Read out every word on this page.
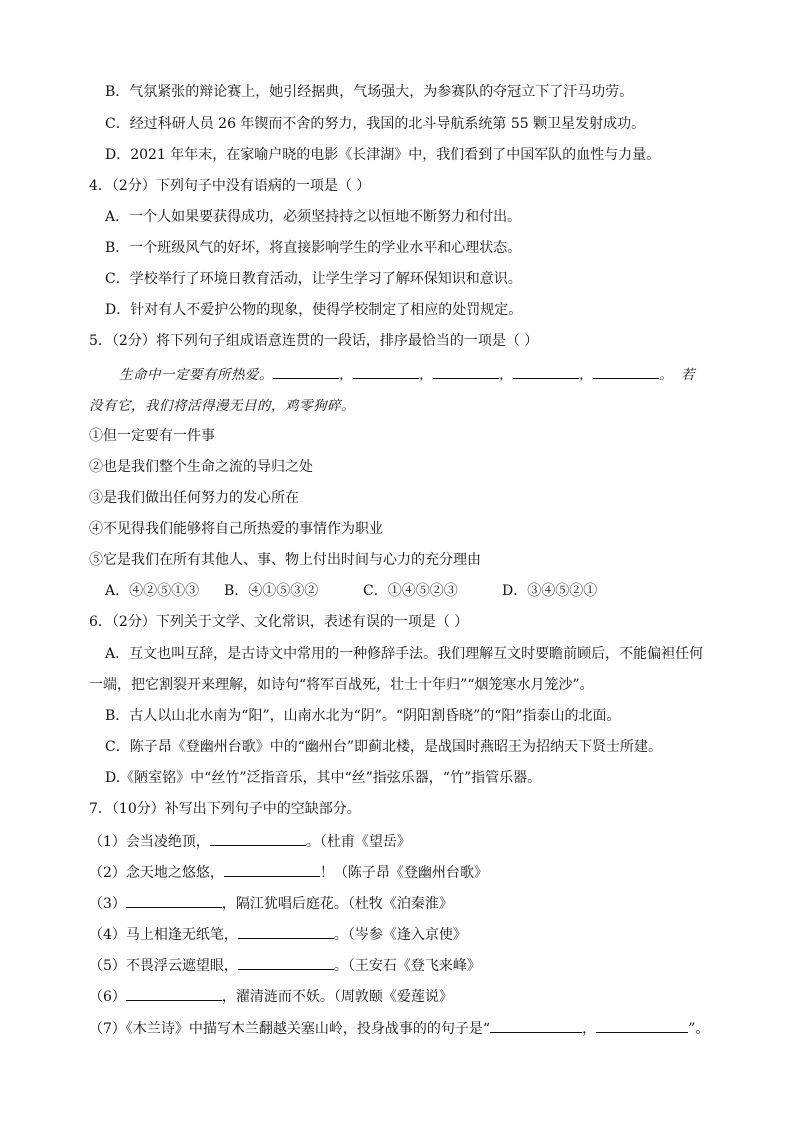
B．气氛紧张的辩论赛上，她引经据典，气场强大，为参赛队的夺冠立下了汗马功劳。
C．经过科研人员 26 年锲而不舍的努力，我国的北斗导航系统第 55 颗卫星发射成功。
D．2021 年年末，在家喻户晓的电影《长津湖》中，我们看到了中国军队的血性与力量。
4．（2分）下列句子中没有语病的一项是（ ）
A．一个人如果要获得成功，必须坚持持之以恒地不断努力和付出。
B．一个班级风气的好坏，将直接影响学生的学业水平和心理状态。
C．学校举行了环境日教育活动，让学生学习了解环保知识和意识。
D．针对有人不爱护公物的现象，使得学校制定了相应的处罚规定。
5．（2分）将下列句子组成语意连贯的一段话，排序最恰当的一项是（ ）
生命中一定要有所热爱。	，	，	，	，	。 若
没有它，我们将活得漫无目的，鸡零狗碎。
①但一定要有一件事
②也是我们整个生命之流的导归之处
③是我们做出任何努力的发心所在
④不见得我们能够将自己所热爱的事情作为职业
⑤它是我们在所有其他人、事、物上付出时间与心力的充分理由
A．④②⑤①③ B．④①⑤③②	C．①④⑤②③	D．③④⑤②①
6．（2分）下列关于文学、文化常识，表述有误的一项是（ ）
A．互文也叫互辞，是古诗文中常用的一种修辞手法。我们理解互文时要瞻前顾后，不能偏袒任何
一端，把它割裂开来理解，如诗句“将军百战死，壮士十年归”“烟笼寒水月笼沙”。
B．古人以山北水南为“阳”，山南水北为“阴”。“阴阳割昏晓”的“阳”指泰山的北面。
C．陈子昂《登幽州台歌》中的“幽州台”即蓟北楼，是战国时燕昭王为招纳天下贤士所建。
D.《陋室铭》中“丝竹”泛指音乐，其中“丝”指弦乐器，“竹”指管乐器。
7．（10分）补写出下列句子中的空缺部分。
（1）会当凌绝顶，	。（杜甫《望岳》
（2）念天地之悠悠，	！（陈子昂《登幽州台歌》
（3）	，隔江犹唱后庭花。（杜牧《泊秦淮》
（4）马上相逢无纸笔，	。（岑参《逢入京使》
（5）不畏浮云遮望眼，	。（王安石《登飞来峰》
（6）	，濯清涟而不妖。（周敦颐《爱莲说》
（7）《木兰诗》中描写木兰翻越关塞山岭，投身战事的的句子是“	，	”。
